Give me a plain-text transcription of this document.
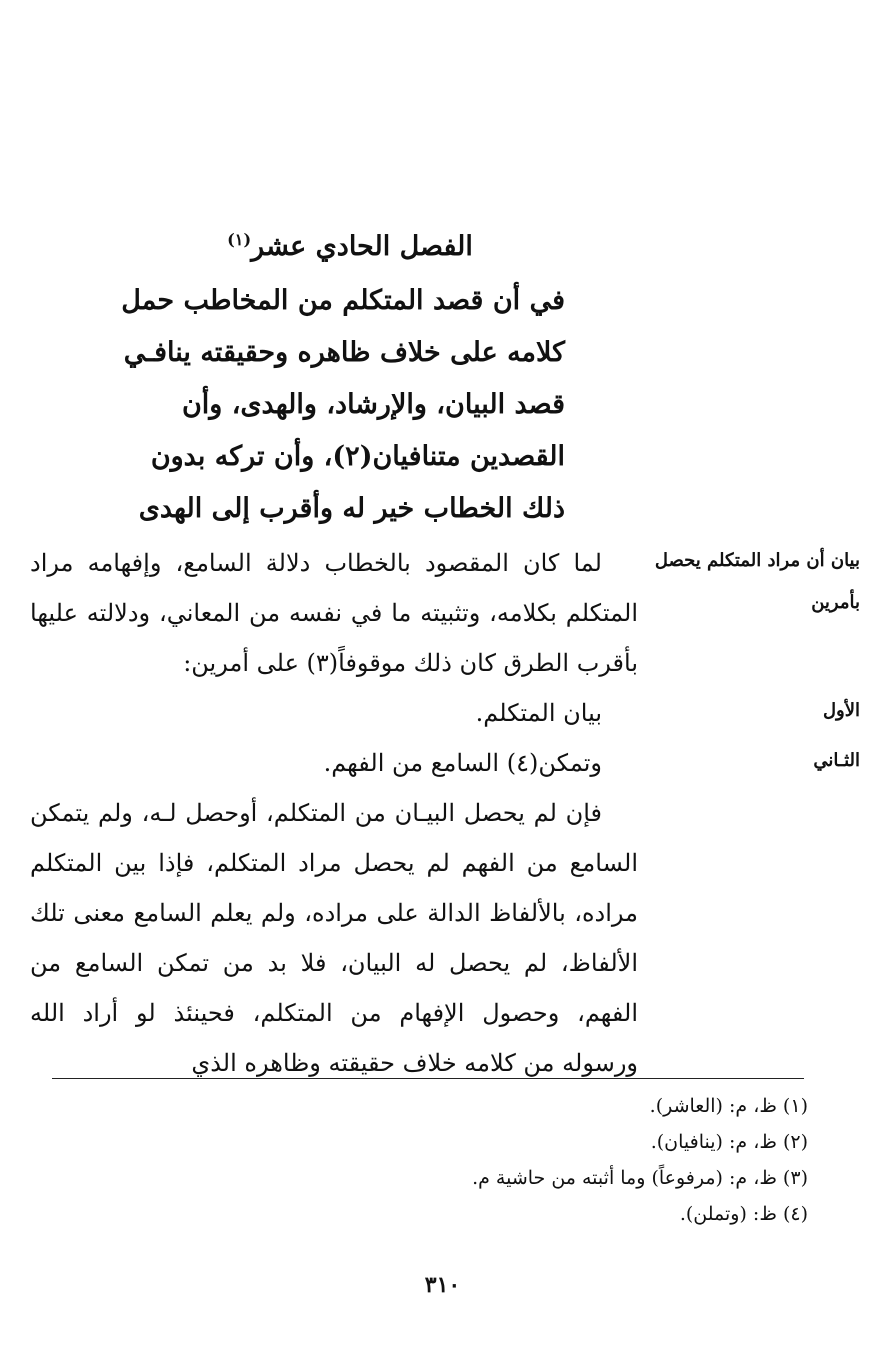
الفصل الحادي عشر$^{(١)}$

في أن قصد المتكلم من المخاطب حمل

كلامه على خلاف ظاهره وحقيقته ينافـي

قصد البيان، والإرشاد، والهدى، وأن

القصدين متنافيان(٢)، وأن تركه بدون

ذلك الخطاب خير له وأقرب إلى الهدى

بيان أن مراد المتكلم يحصل بأمرين

لما كان المقصود بالخطاب دلالة السامع، وإفهامه مراد المتكلم بكلامه، وتثبيته ما في نفسه من المعاني، ودلالته عليها بأقرب الطرق كان ذلك موقوفاً(٣) على أمرين:

الأول

بيان المتكلم.

الثـاني

وتمكن(٤) السامع من الفهم.

فإن لم يحصل البيـان من المتكلم، أوحصل لـه، ولم يتمكن السامع من الفهم لم يحصل مراد المتكلم، فإذا بين المتكلم مراده، بالألفاظ الدالة على مراده، ولم يعلم السامع معنى تلك الألفاظ، لم يحصل له البيان، فلا بد من تمكن السامع من الفهم، وحصول الإفهام من المتكلم، فحينئذ لو أراد الله ورسوله من كلامه خلاف حقيقته وظاهره الذي

(١) ظ، م: (العاشر).

(٢) ظ، م: (ينافيان).

(٣) ظ، م: (مرفوعاً) وما أثبته من حاشية م.

(٤) ظ: (وتملن).

٣١٠
